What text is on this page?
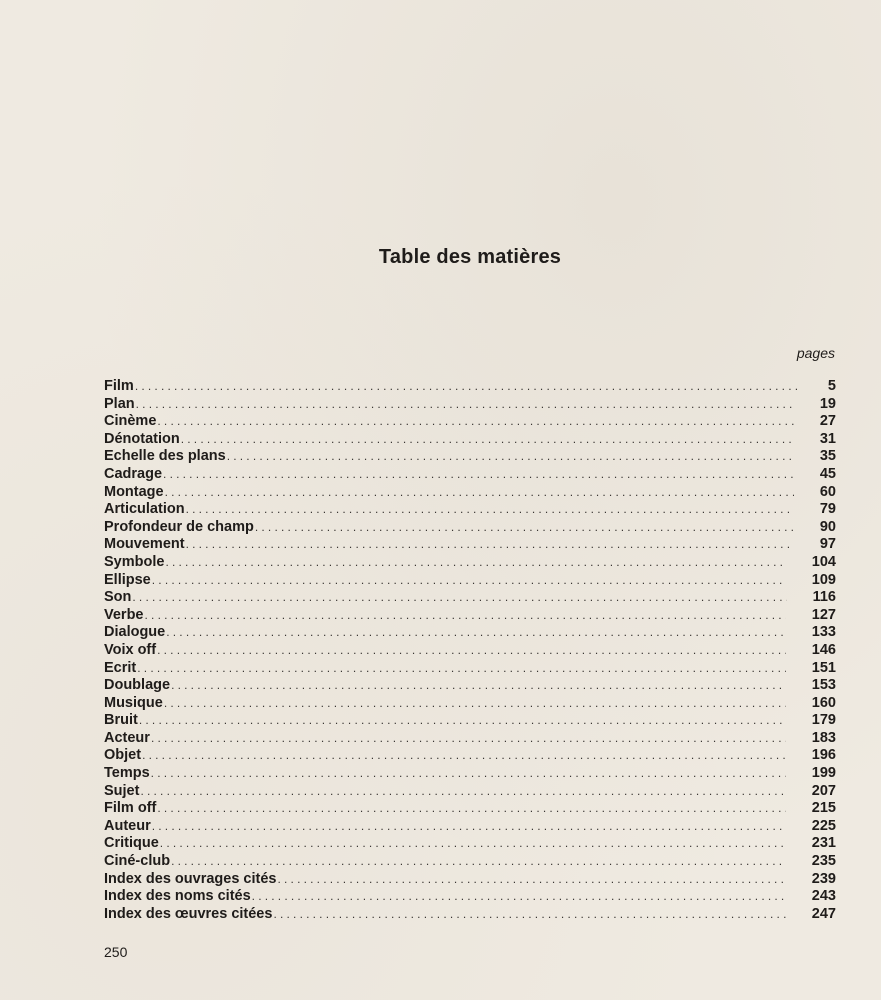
Table des matières
pages
Film .....	5
Plan .....	19
Cinème .....	27
Dénotation .....	31
Echelle des plans .....	35
Cadrage .....	45
Montage .....	60
Articulation .....	79
Profondeur de champ .....	90
Mouvement .....	97
Symbole .....	104
Ellipse .....	109
Son .....	116
Verbe .....	127
Dialogue .....	133
Voix off .....	146
Ecrit .....	151
Doublage .....	153
Musique .....	160
Bruit .....	179
Acteur .....	183
Objet .....	196
Temps .....	199
Sujet .....	207
Film off .....	215
Auteur .....	225
Critique .....	231
Ciné-club .....	235
Index des ouvrages cités .....	239
Index des noms cités .....	243
Index des œuvres citées .....	247
250
